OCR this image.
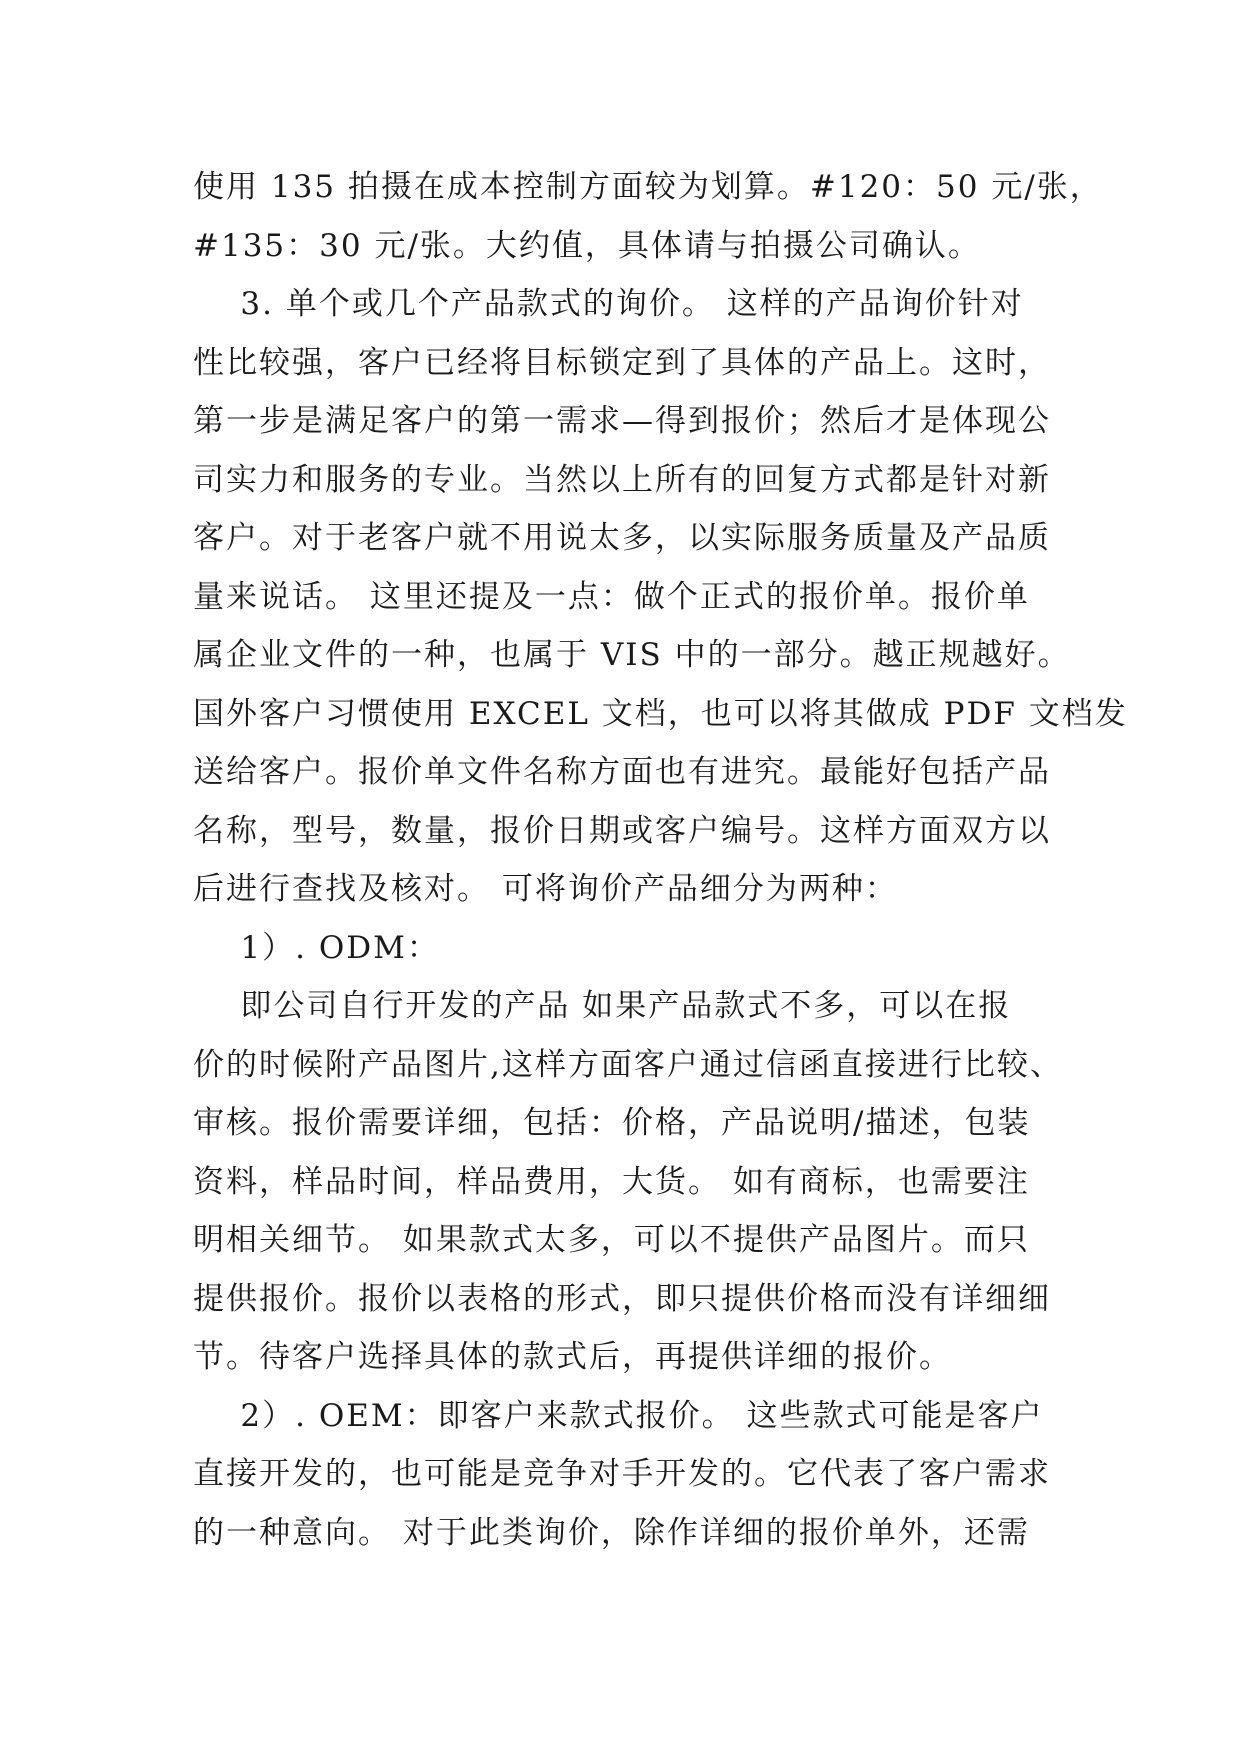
使用 135 拍摄在成本控制方面较为划算。#120：50 元/张，
#135：30 元/张。大约值，具体请与拍摄公司确认。
3. 单个或几个产品款式的询价。 这样的产品询价针对
性比较强，客户已经将目标锁定到了具体的产品上。这时，
第一步是满足客户的第一需求—得到报价；然后才是体现公
司实力和服务的专业。当然以上所有的回复方式都是针对新
客户。对于老客户就不用说太多，以实际服务质量及产品质
量来说话。 这里还提及一点：做个正式的报价单。报价单
属企业文件的一种，也属于 VIS 中的一部分。越正规越好。
国外客户习惯使用 EXCEL 文档，也可以将其做成 PDF 文档发
送给客户。报价单文件名称方面也有进究。最能好包括产品
名称，型号，数量，报价日期或客户编号。这样方面双方以
后进行查找及核对。 可将询价产品细分为两种：
1）. ODM：
即公司自行开发的产品 如果产品款式不多，可以在报
价的时候附产品图片,这样方面客户通过信函直接进行比较、
审核。报价需要详细，包括：价格，产品说明/描述，包装
资料，样品时间，样品费用，大货。 如有商标，也需要注
明相关细节。 如果款式太多，可以不提供产品图片。而只
提供报价。报价以表格的形式，即只提供价格而没有详细细
节。待客户选择具体的款式后，再提供详细的报价。
2）. OEM：即客户来款式报价。 这些款式可能是客户
直接开发的，也可能是竞争对手开发的。它代表了客户需求
的一种意向。 对于此类询价，除作详细的报价单外，还需
